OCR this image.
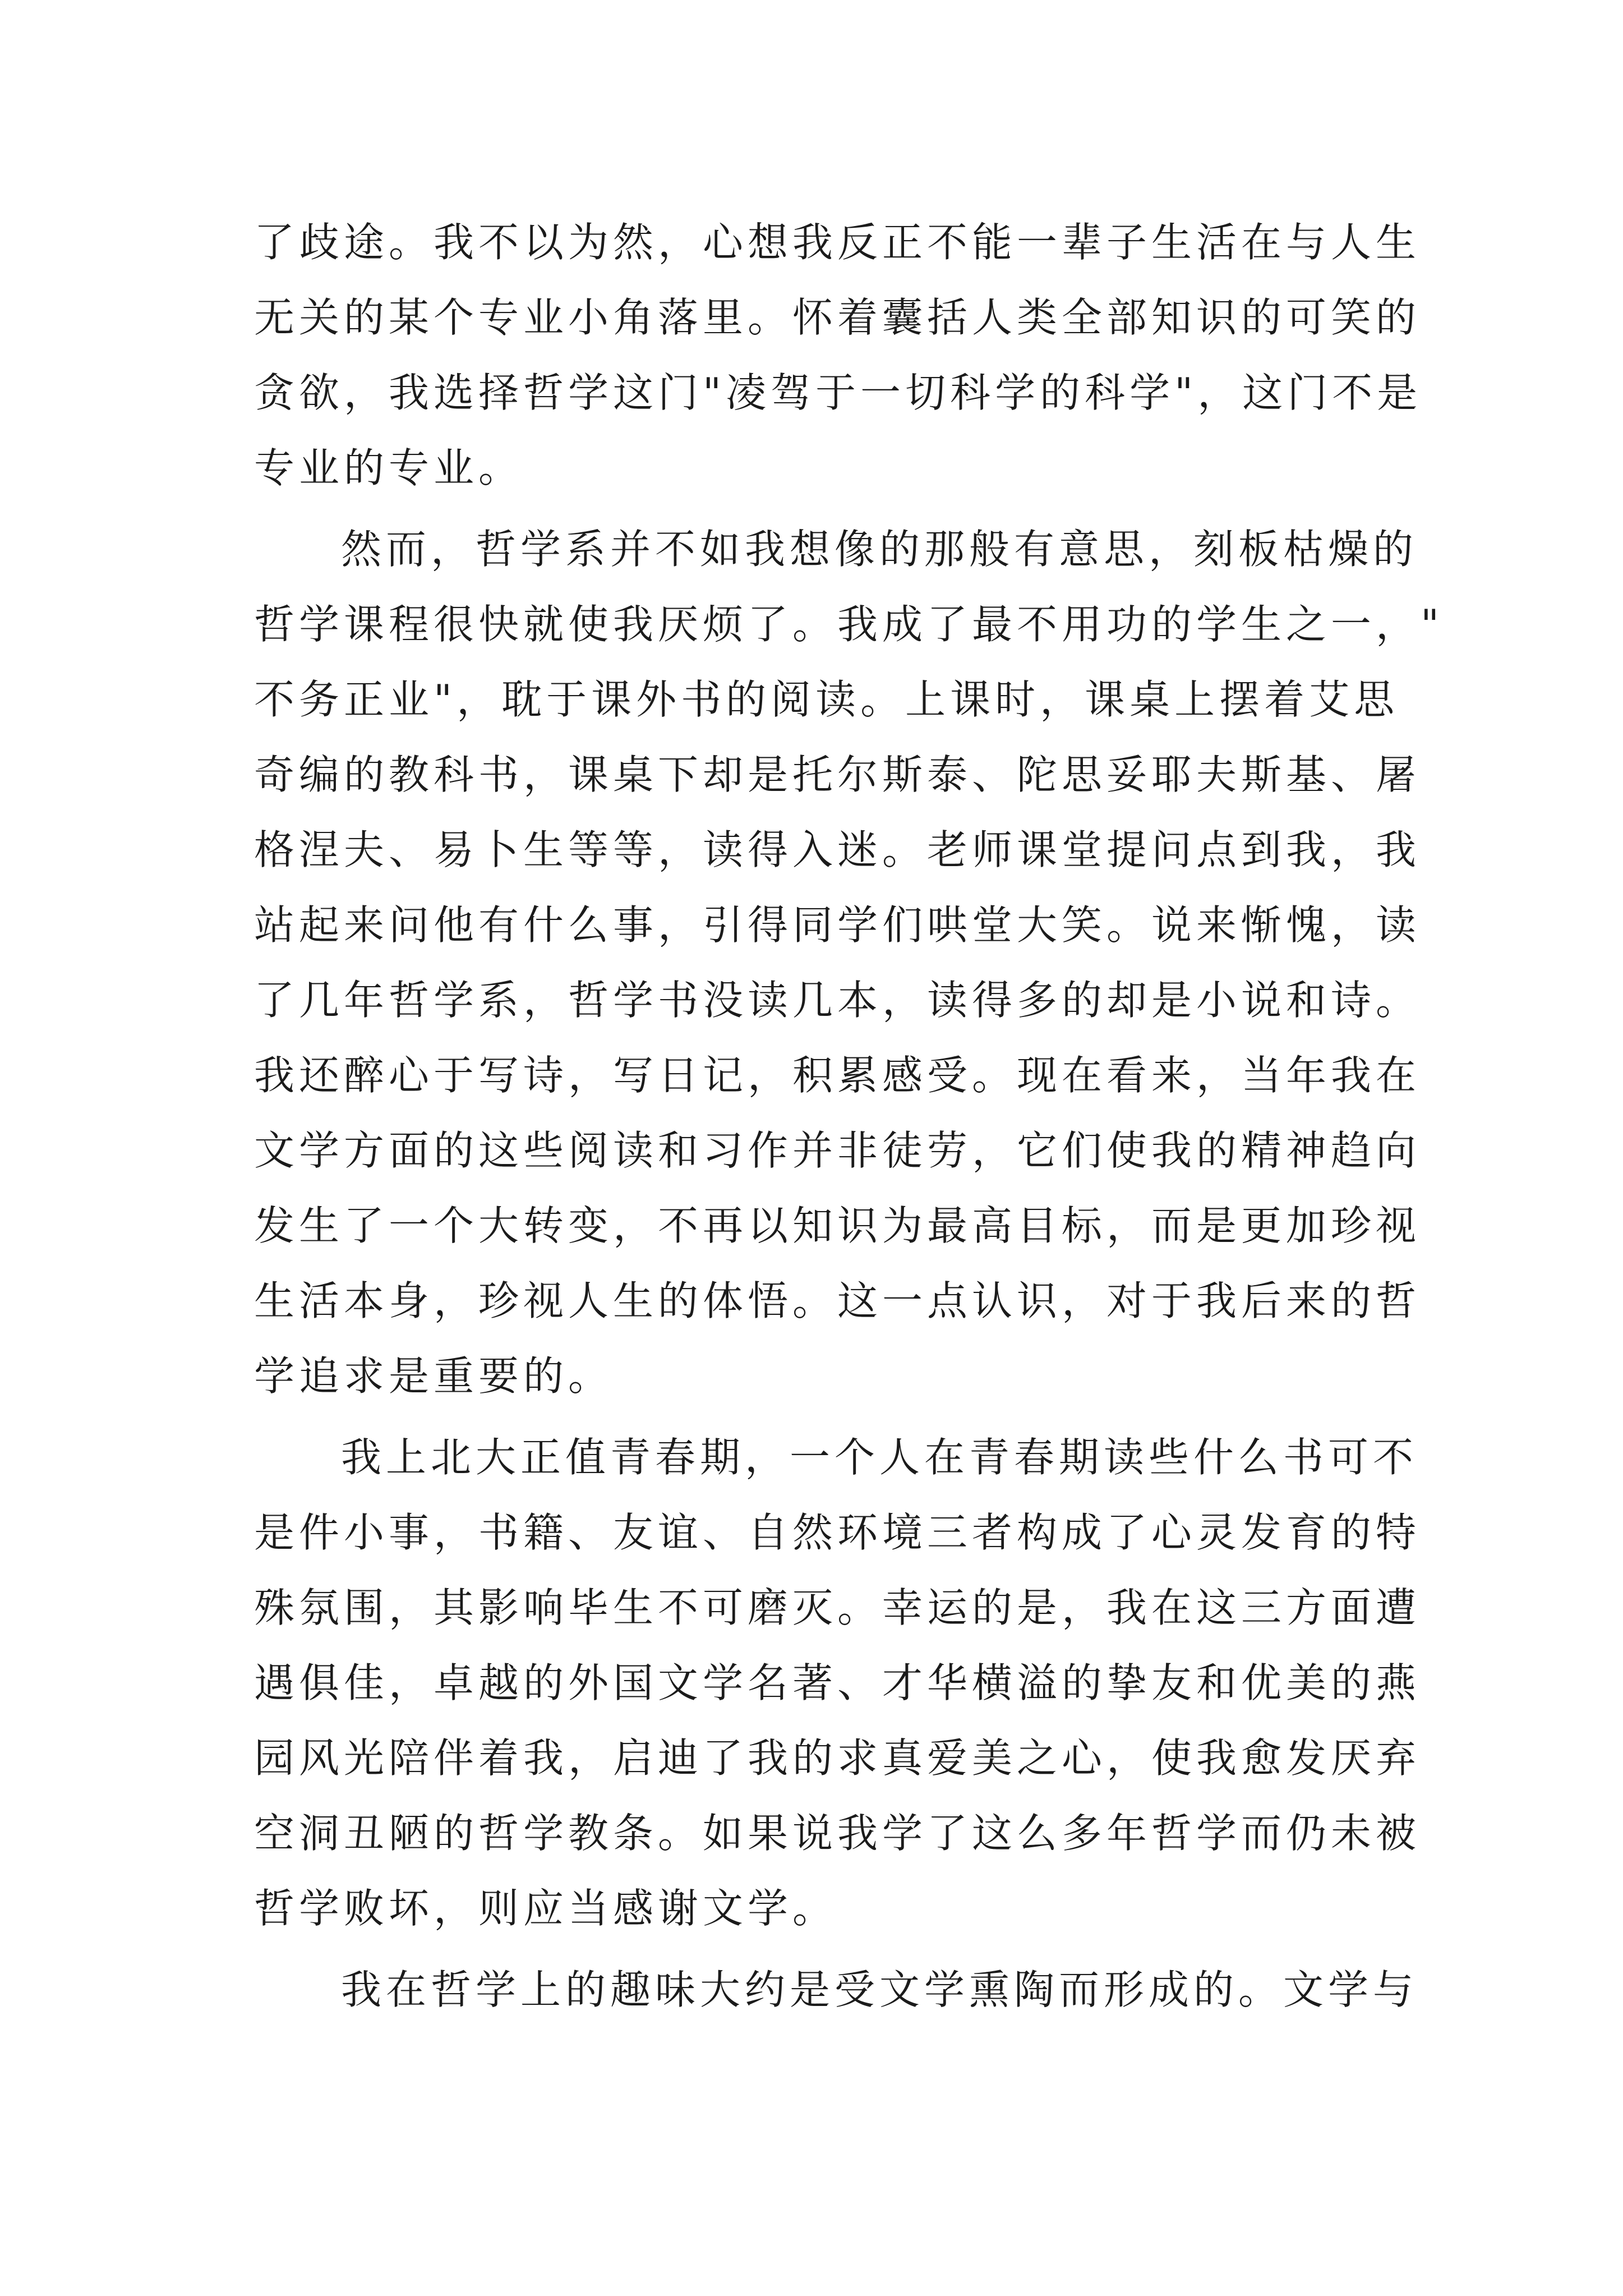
了歧途。我不以为然，心想我反正不能一辈子生活在与人生
无关的某个专业小角落里。怀着囊括人类全部知识的可笑的
贪欲，我选择哲学这门"凌驾于一切科学的科学"，这门不是
专业的专业。
然而，哲学系并不如我想像的那般有意思，刻板枯燥的
哲学课程很快就使我厌烦了。我成了最不用功的学生之一，"
不务正业"，耽于课外书的阅读。上课时，课桌上摆着艾思
奇编的教科书，课桌下却是托尔斯泰、陀思妥耶夫斯基、屠
格涅夫、易卜生等等，读得入迷。老师课堂提问点到我，我
站起来问他有什么事，引得同学们哄堂大笑。说来惭愧，读
了几年哲学系，哲学书没读几本，读得多的却是小说和诗。
我还醉心于写诗，写日记，积累感受。现在看来，当年我在
文学方面的这些阅读和习作并非徒劳，它们使我的精神趋向
发生了一个大转变，不再以知识为最高目标，而是更加珍视
生活本身，珍视人生的体悟。这一点认识，对于我后来的哲
学追求是重要的。
我上北大正值青春期，一个人在青春期读些什么书可不
是件小事，书籍、友谊、自然环境三者构成了心灵发育的特
殊氛围，其影响毕生不可磨灭。幸运的是，我在这三方面遭
遇俱佳，卓越的外国文学名著、才华横溢的挚友和优美的燕
园风光陪伴着我，启迪了我的求真爱美之心，使我愈发厌弃
空洞丑陋的哲学教条。如果说我学了这么多年哲学而仍未被
哲学败坏，则应当感谢文学。
我在哲学上的趣味大约是受文学熏陶而形成的。文学与
